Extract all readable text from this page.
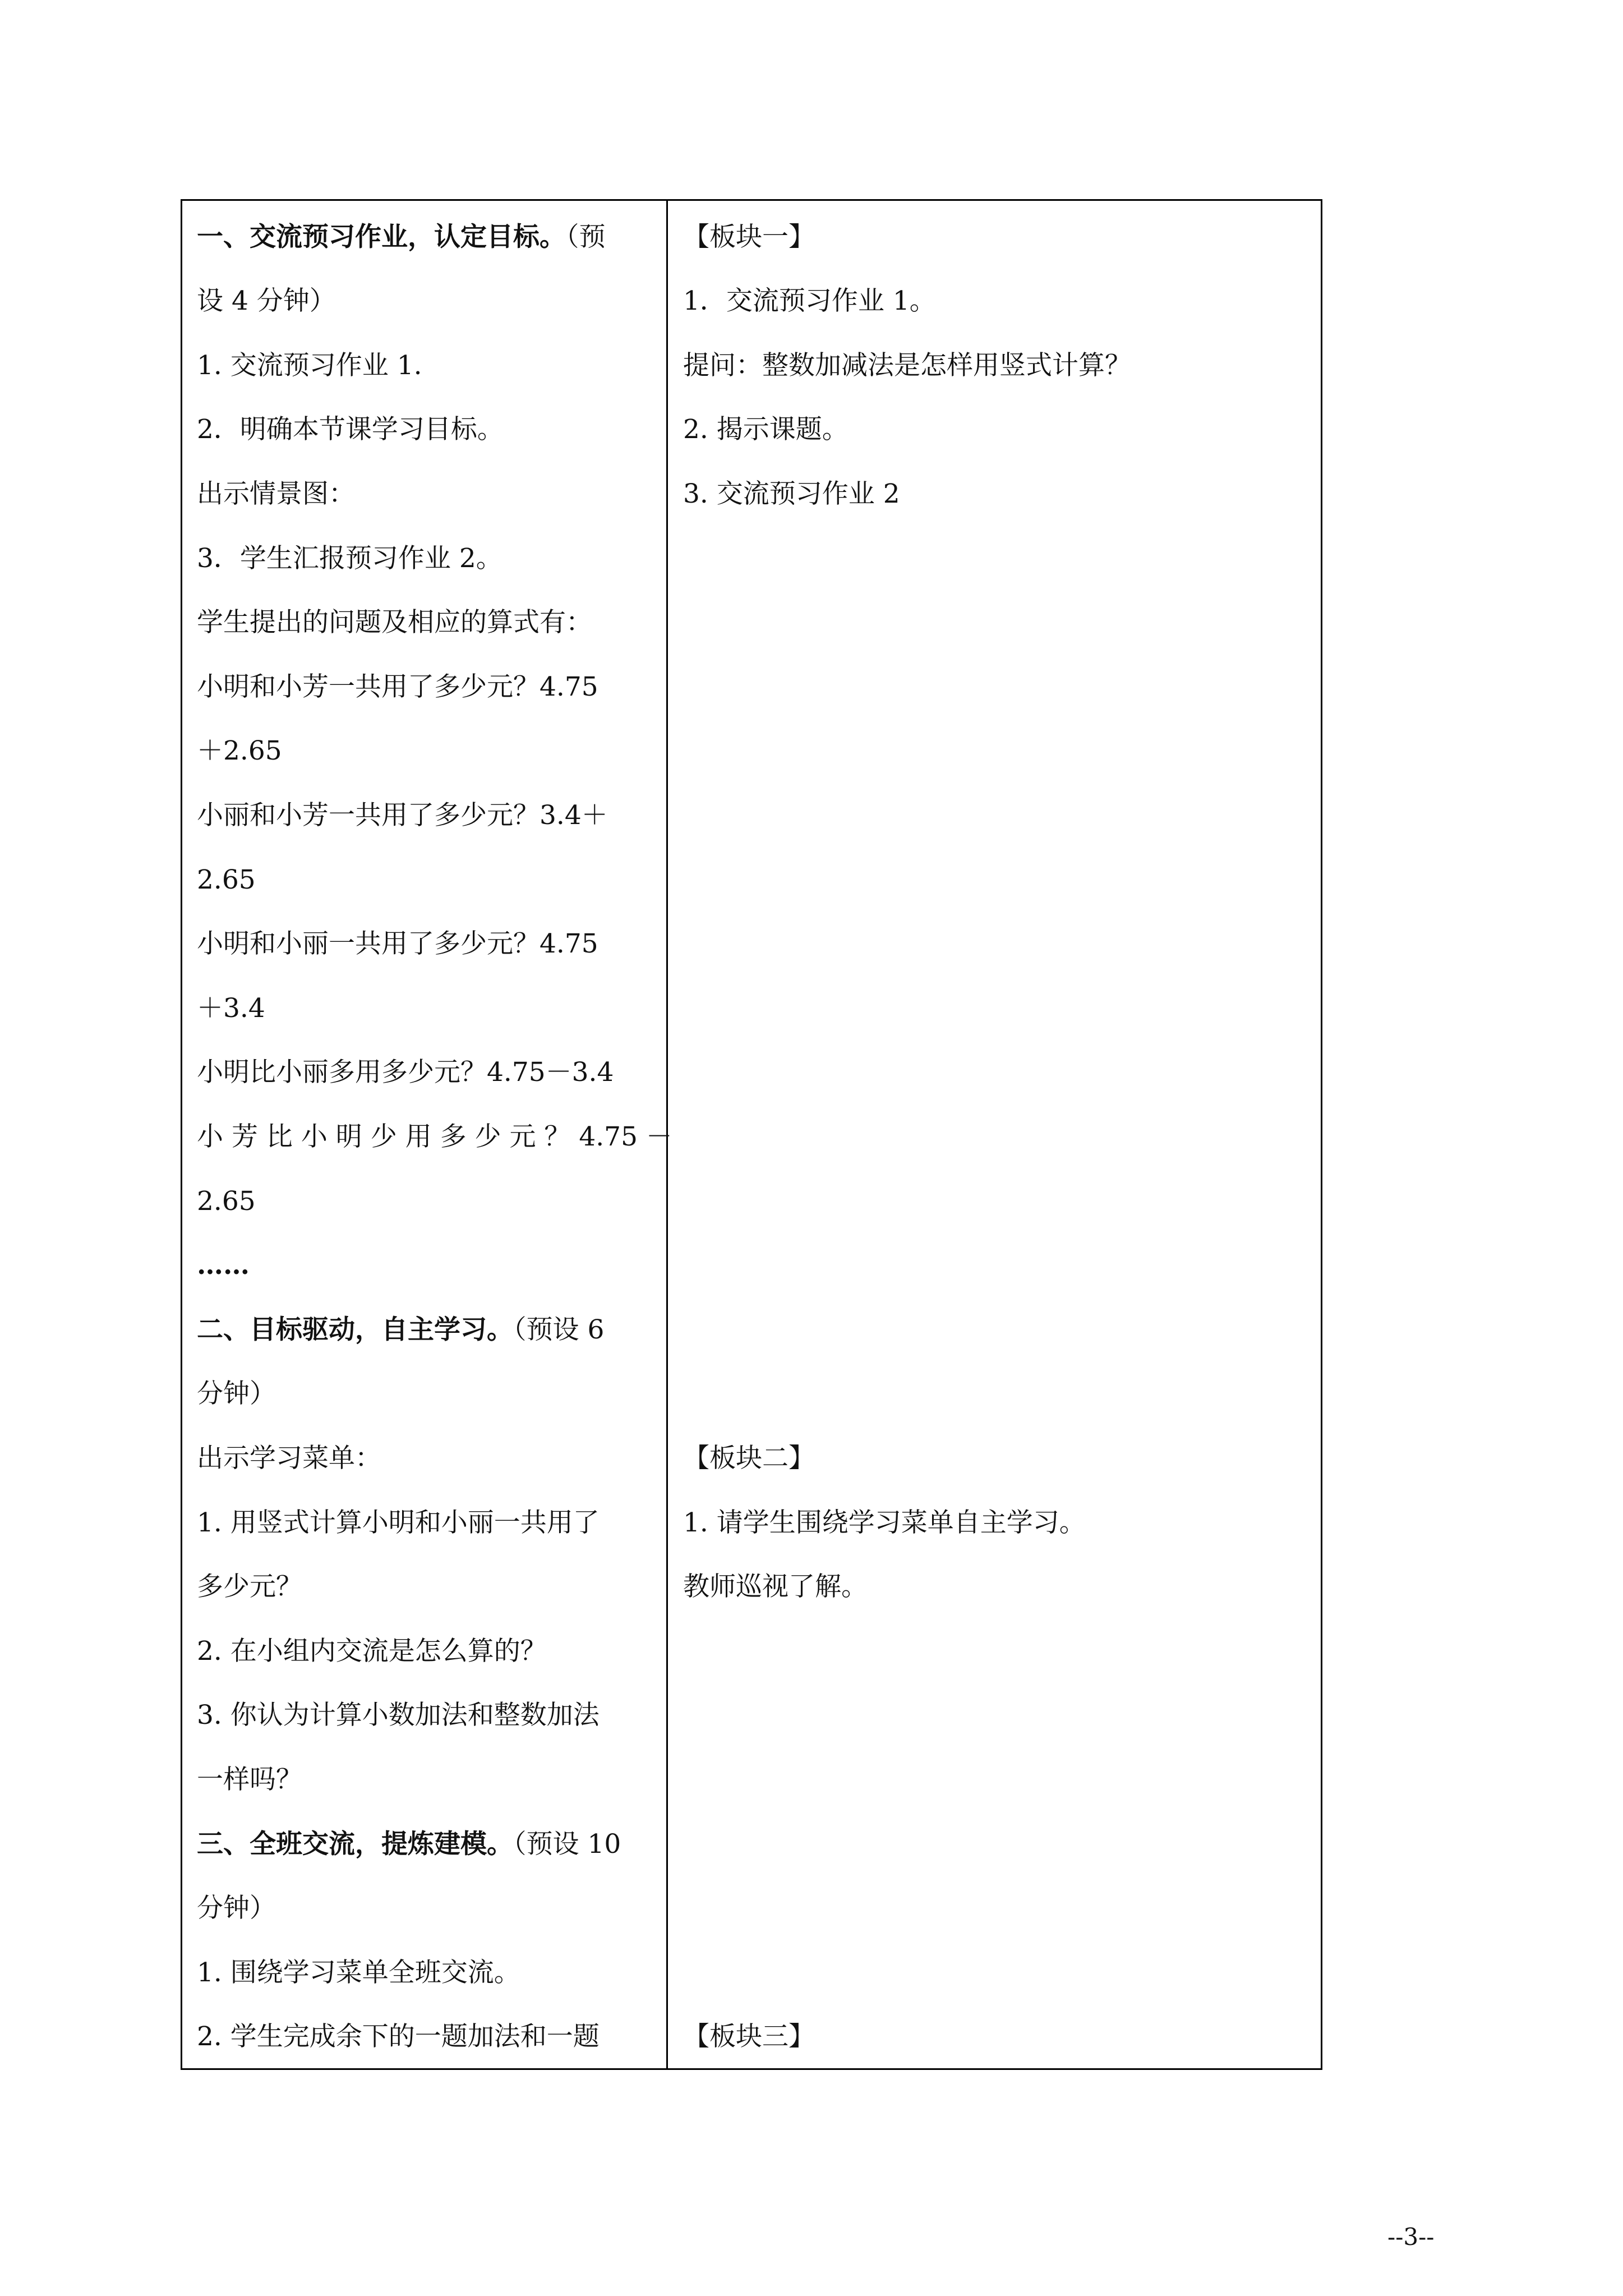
一、交流预习作业，认定目标。（预
设 4 分钟）
1. 交流预习作业 1.
2．明确本节课学习目标。
出示情景图：
3．学生汇报预习作业 2。
学生提出的问题及相应的算式有：
小明和小芳一共用了多少元？4.75
＋2.65
小丽和小芳一共用了多少元？3.4＋
2.65
小明和小丽一共用了多少元？4.75
＋3.4
小明比小丽多用多少元？4.75－3.4
小 芳 比 小 明 少 用 多 少 元 ？ 4.75 －
2.65
……
二、目标驱动，自主学习。（预设 6
分钟）
出示学习菜单：
1. 用竖式计算小明和小丽一共用了
多少元？
2. 在小组内交流是怎么算的？
3. 你认为计算小数加法和整数加法
一样吗？
三、全班交流，提炼建模。（预设 10
分钟）
1. 围绕学习菜单全班交流。
2. 学生完成余下的一题加法和一题
【板块一】
1．交流预习作业 1。
提问：整数加减法是怎样用竖式计算？
2. 揭示课题。
3. 交流预习作业 2
【板块二】
1. 请学生围绕学习菜单自主学习。
教师巡视了解。
【板块三】
--3--
